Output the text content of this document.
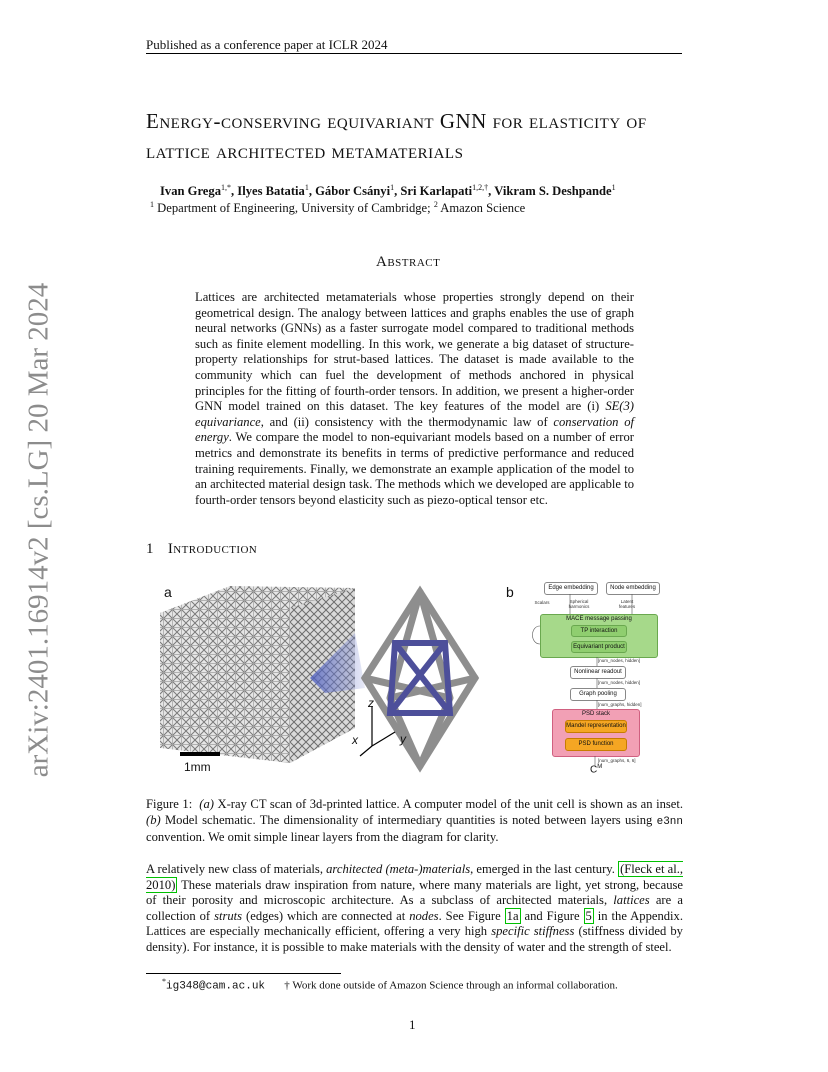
arXiv:2401.16914v2 [cs.LG] 20 Mar 2024
Published as a conference paper at ICLR 2024
Energy-conserving equivariant GNN for elasticity of lattice architected metamaterials
Ivan Grega$^{1,*}$, Ilyes Batatia$^1$, Gábor Csányi$^1$, Sri Karlapati$^{1,2,\dagger}$, Vikram S. Deshpande$^1$
$^1$ Department of Engineering, University of Cambridge; $^2$ Amazon Science
Abstract
Lattices are architected metamaterials whose properties strongly depend on their geometrical design. The analogy between lattices and graphs enables the use of graph neural networks (GNNs) as a faster surrogate model compared to traditional methods such as finite element modelling. In this work, we generate a big dataset of structure-property relationships for strut-based lattices. The dataset is made available to the community which can fuel the development of methods anchored in physical principles for the fitting of fourth-order tensors. In addition, we present a higher-order GNN model trained on this dataset. The key features of the model are (i) SE(3) equivariance, and (ii) consistency with the thermodynamic law of conservation of energy. We compare the model to non-equivariant models based on a number of error metrics and demonstrate its benefits in terms of predictive performance and reduced training requirements. Finally, we demonstrate an example application of the model to an architected material design task. The methods which we developed are applicable to fourth-order tensors beyond elasticity such as piezo-optical tensor etc.
1 Introduction
a
z
x	y
1mm
b	Edge embedding	Node embedding
Scalars	Spherical harmonics
Latent features
MACE message passing
TP interaction
Equivariant product
[num_nodes, hidden]
Nonlinear readout
[num_nodes, hidden]
Graph pooling
[num_graphs, hidden]
PSD stack
Mandel representation
PSD function
[num_graphs, 6, 6]
$C^M$
Figure 1: (a) X-ray CT scan of 3d-printed lattice. A computer model of the unit cell is shown as an inset. (b) Model schematic. The dimensionality of intermediary quantities is noted between layers using e3nn convention. We omit simple linear layers from the diagram for clarity.
A relatively new class of materials, architected (meta-)materials, emerged in the last century. (Fleck et al., 2010) These materials draw inspiration from nature, where many materials are light, yet strong, because of their porosity and microscopic architecture. As a subclass of architected materials, lattices are a collection of struts (edges) which are connected at nodes. See Figure 1a and Figure 5 in the Appendix. Lattices are especially mechanically efficient, offering a very high specific stiffness (stiffness divided by density). For instance, it is possible to make materials with the density of water and the strength of steel.
*ig348@cam.ac.uk † Work done outside of Amazon Science through an informal collaboration.
1
